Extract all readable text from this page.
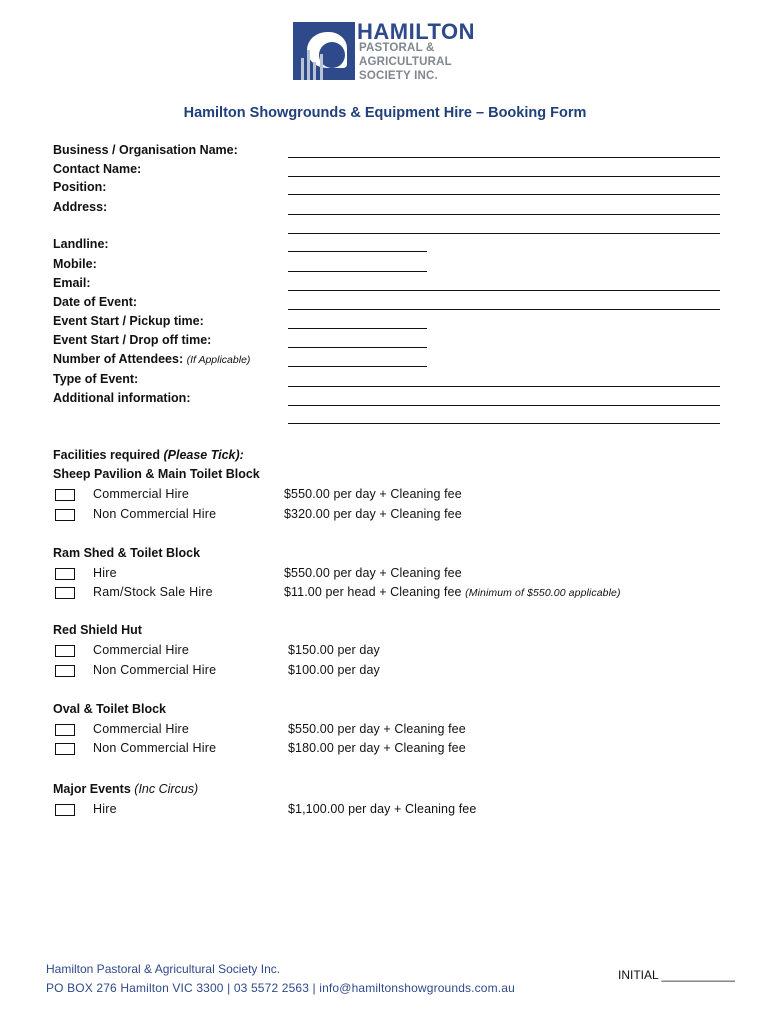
HAMILTON
PASTORAL &
AGRICULTURAL
SOCIETY INC.
Hamilton Showgrounds & Equipment Hire – Booking Form
Business / Organisation Name:
Contact Name:
Position:
Address:
Landline:
Mobile:
Email:
Date of Event:
Event Start / Pickup time:
Event Start / Drop off time:
Number of Attendees: (If Applicable)
Type of Event:
Additional information:
Facilities required (Please Tick):
Sheep Pavilion & Main Toilet Block
Commercial Hire	$550.00 per day + Cleaning fee
Non Commercial Hire	$320.00 per day + Cleaning fee
Ram Shed & Toilet Block
Hire	$550.00 per day + Cleaning fee
Ram/Stock Sale Hire	$11.00 per head + Cleaning fee (Minimum of $550.00 applicable)
Red Shield Hut
Commercial Hire	$150.00 per day
Non Commercial Hire	$100.00 per day
Oval & Toilet Block
Commercial Hire	$550.00 per day + Cleaning fee
Non Commercial Hire	$180.00 per day + Cleaning fee
Major Events (Inc Circus)
Hire	$1,100.00 per day + Cleaning fee
Hamilton Pastoral & Agricultural Society Inc.
PO BOX 276 Hamilton VIC 3300 | 03 5572 2563 | info@hamiltonshowgrounds.com.au
INITIAL ___________
